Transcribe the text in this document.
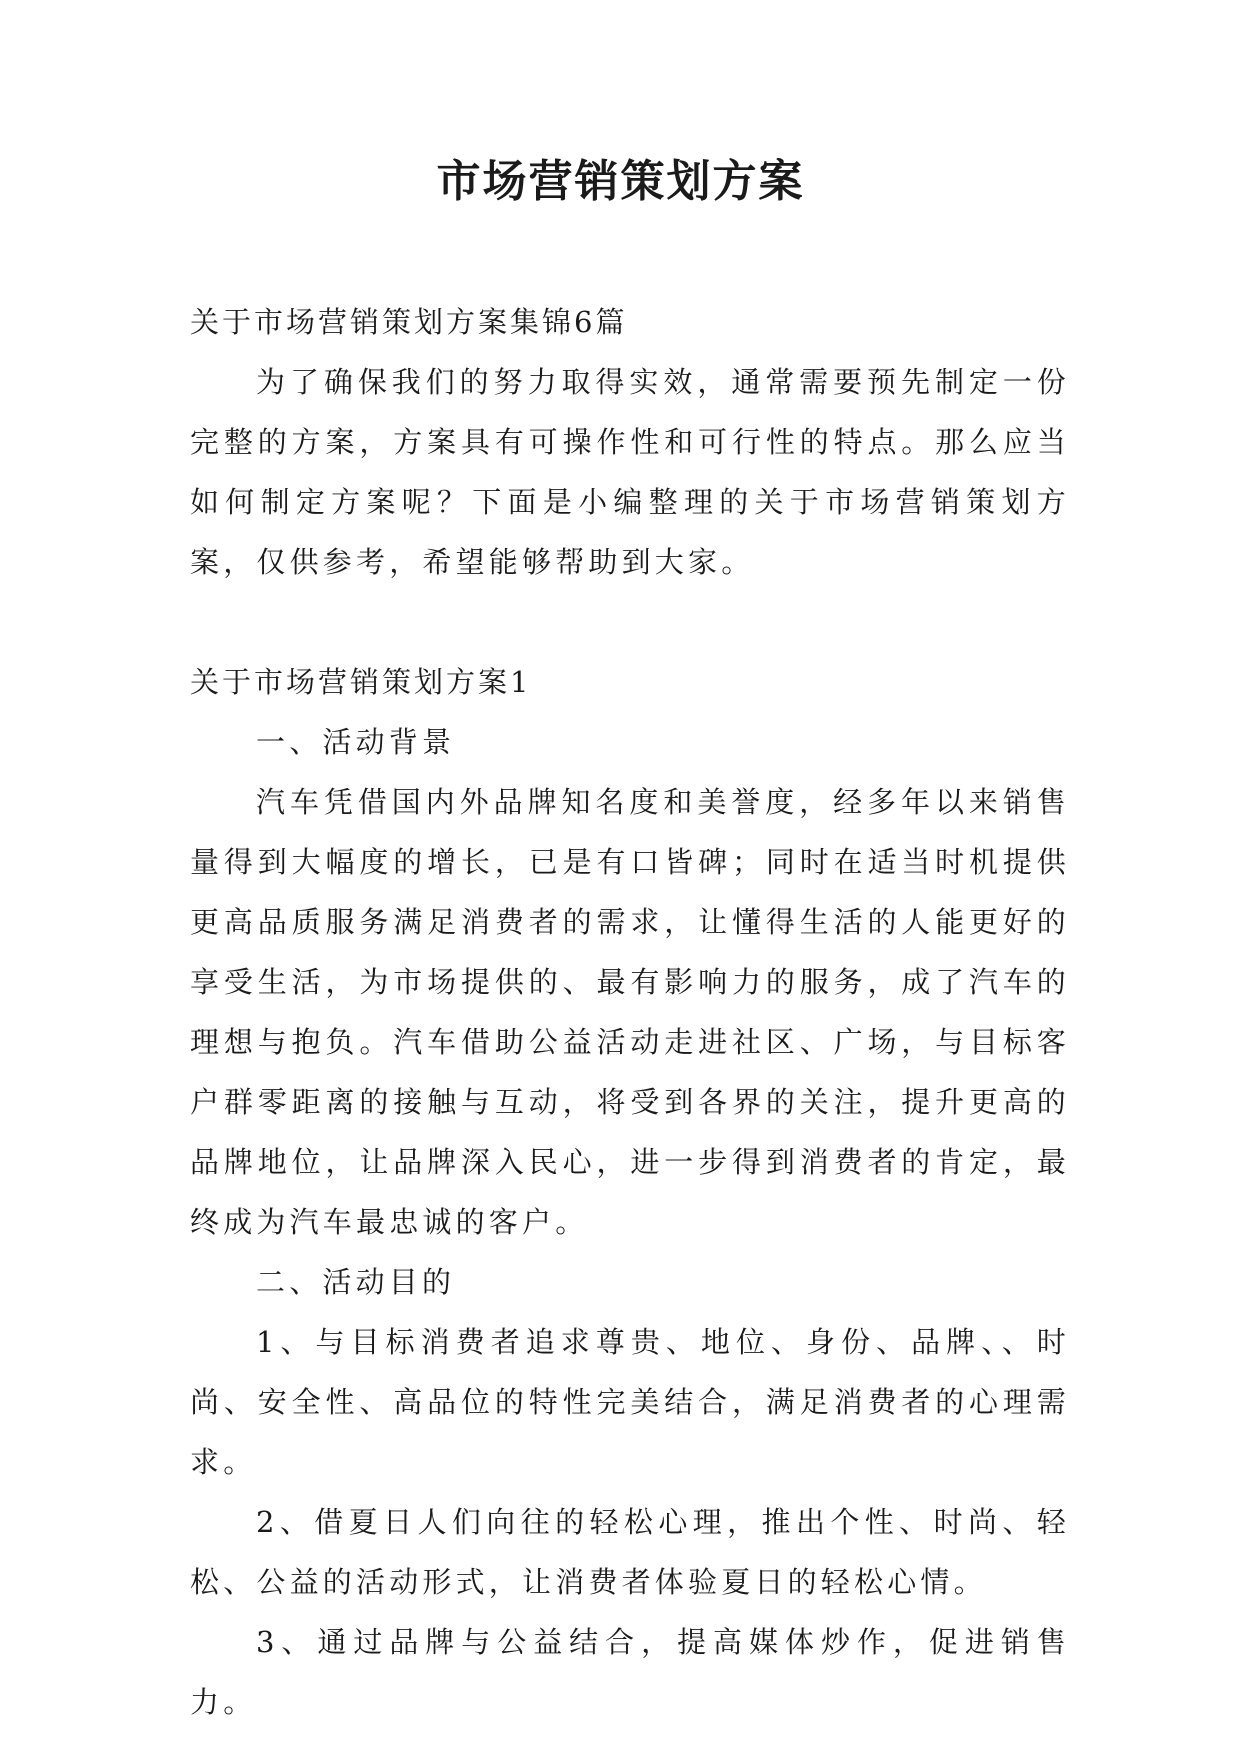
市场营销策划方案

关于市场营销策划方案集锦6篇

为了确保我们的努力取得实效，通常需要预先制定一份完整的方案，方案具有可操作性和可行性的特点。那么应当如何制定方案呢？下面是小编整理的关于市场营销策划方案，仅供参考，希望能够帮助到大家。

关于市场营销策划方案1

一、活动背景

汽车凭借国内外品牌知名度和美誉度，经多年以来销售量得到大幅度的增长，已是有口皆碑；同时在适当时机提供更高品质服务满足消费者的需求，让懂得生活的人能更好的享受生活，为市场提供的、最有影响力的服务，成了汽车的理想与抱负。汽车借助公益活动走进社区、广场，与目标客户群零距离的接触与互动，将受到各界的关注，提升更高的品牌地位，让品牌深入民心，进一步得到消费者的肯定，最终成为汽车最忠诚的客户。

二、活动目的

1、与目标消费者追求尊贵、地位、身份、品牌、、时尚、安全性、高品位的特性完美结合，满足消费者的心理需求。

2、借夏日人们向往的轻松心理，推出个性、时尚、轻松、公益的活动形式，让消费者体验夏日的轻松心情。

3、通过品牌与公益结合，提高媒体炒作，促进销售力。
